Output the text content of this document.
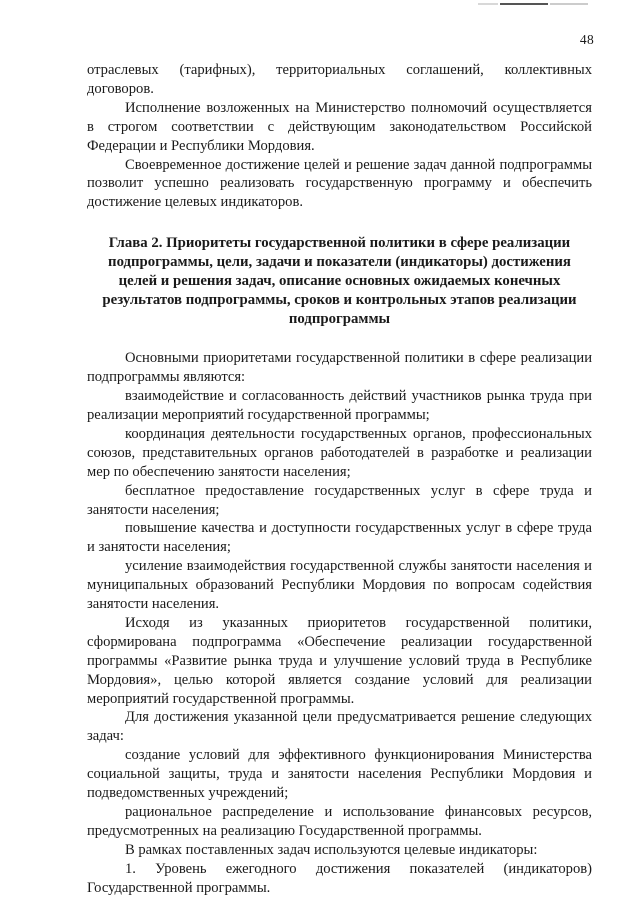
48

отраслевых (тарифных), территориальных соглашений, коллективных договоров.

Исполнение возложенных на Министерство полномочий осуществляется в строгом соответствии с действующим законодательством Российской Федерации и Республики Мордовия.

Своевременное достижение целей и решение задач данной подпрограммы позволит успешно реализовать государственную программу и обеспечить достижение целевых индикаторов.

Глава 2. Приоритеты государственной политики в сфере реализации подпрограммы, цели, задачи и показатели (индикаторы) достижения целей и решения задач, описание основных ожидаемых конечных результатов подпрограммы, сроков и контрольных этапов реализации подпрограммы

Основными приоритетами государственной политики в сфере реализации подпрограммы являются:

взаимодействие и согласованность действий участников рынка труда при реализации мероприятий государственной программы;

координация деятельности государственных органов, профессиональных союзов, представительных органов работодателей в разработке и реализации мер по обеспечению занятости населения;

бесплатное предоставление государственных услуг в сфере труда и занятости населения;

повышение качества и доступности государственных услуг в сфере труда и занятости населения;

усиление взаимодействия государственной службы занятости населения и муниципальных образований Республики Мордовия по вопросам содействия занятости населения.

Исходя из указанных приоритетов государственной политики, сформирована подпрограмма «Обеспечение реализации государственной программы «Развитие рынка труда и улучшение условий труда в Республике Мордовия», целью которой является создание условий для реализации мероприятий государственной программы.

Для достижения указанной цели предусматривается решение следующих задач:

создание условий для эффективного функционирования Министерства социальной защиты, труда и занятости населения Республики Мордовия и подведомственных учреждений;

рациональное распределение и использование финансовых ресурсов, предусмотренных на реализацию Государственной программы.

В рамках поставленных задач используются целевые индикаторы:

1. Уровень ежегодного достижения показателей (индикаторов) Государственной программы.
